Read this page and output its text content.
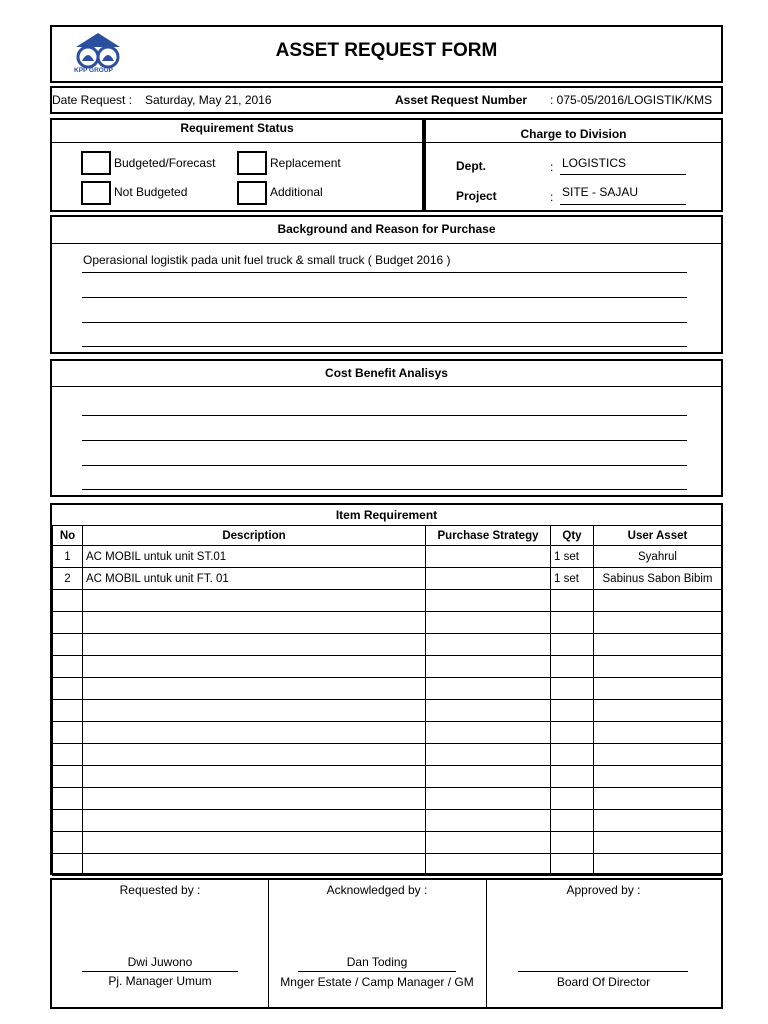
KPP GROUP
ASSET REQUEST FORM
Date Request : Saturday, May 21, 2016	Asset Request Number : 075-05/2016/LOGISTIK/KMS
Requirement Status
Budgeted/Forecast	Replacement
Not Budgeted	Additional
Charge to Division
Dept.	: LOGISTICS
Project	: SITE - SAJAU
Background and Reason for Purchase
Operasional logistik pada unit fuel truck & small truck ( Budget 2016 )
Cost Benefit Analisys
Item Requirement
No	Description	Purchase Strategy	Qty	User Asset
1	AC MOBIL untuk unit ST.01		1 set	Syahrul
2	AC MOBIL untuk unit FT. 01		1 set	Sabinus Sabon Bibim

Requested by :
Dwi Juwono
Pj. Manager Umum
Acknowledged by :
Dan Toding
Mnger Estate / Camp Manager / GM
Approved by :
Board Of Director
